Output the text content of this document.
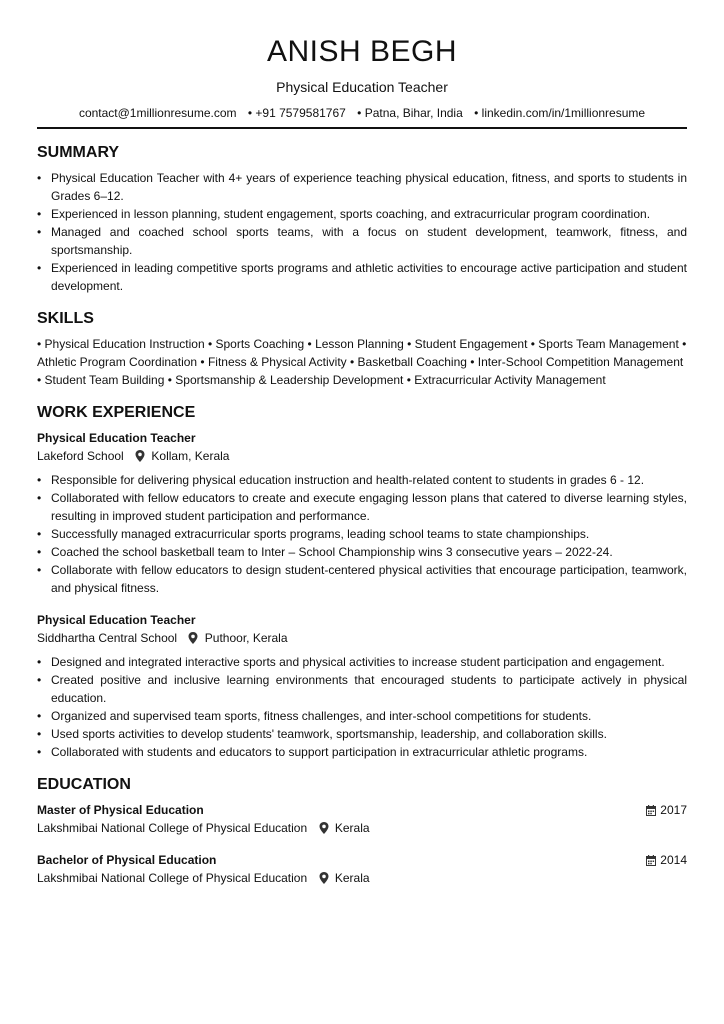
ANISH BEGH
Physical Education Teacher
contact@1millionresume.com • +91 7579581767 • Patna, Bihar, India • linkedin.com/in/1millionresume
SUMMARY
• Physical Education Teacher with 4+ years of experience teaching physical education, fitness, and sports to students in Grades 6–12.
• Experienced in lesson planning, student engagement, sports coaching, and extracurricular program coordination.
• Managed and coached school sports teams, with a focus on student development, teamwork, fitness, and sportsmanship.
• Experienced in leading competitive sports programs and athletic activities to encourage active participation and student development.
SKILLS
• Physical Education Instruction • Sports Coaching • Lesson Planning • Student Engagement • Sports Team Management • Athletic Program Coordination • Fitness & Physical Activity • Basketball Coaching • Inter-School Competition Management • Student Team Building • Sportsmanship & Leadership Development • Extracurricular Activity Management
WORK EXPERIENCE
Physical Education Teacher
Lakeford School Kollam, Kerala
• Responsible for delivering physical education instruction and health-related content to students in grades 6 - 12.
• Collaborated with fellow educators to create and execute engaging lesson plans that catered to diverse learning styles, resulting in improved student participation and performance.
• Successfully managed extracurricular sports programs, leading school teams to state championships.
• Coached the school basketball team to Inter – School Championship wins 3 consecutive years – 2022-24.
• Collaborate with fellow educators to design student-centered physical activities that encourage participation, teamwork, and physical fitness.
Physical Education Teacher
Siddhartha Central School Puthoor, Kerala
• Designed and integrated interactive sports and physical activities to increase student participation and engagement.
• Created positive and inclusive learning environments that encouraged students to participate actively in physical education.
• Organized and supervised team sports, fitness challenges, and inter-school competitions for students.
• Used sports activities to develop students' teamwork, sportsmanship, leadership, and collaboration skills.
• Collaborated with students and educators to support participation in extracurricular athletic programs.
EDUCATION
Master of Physical Education	2017
Lakshmibai National College of Physical Education Kerala
Bachelor of Physical Education	2014
Lakshmibai National College of Physical Education Kerala
